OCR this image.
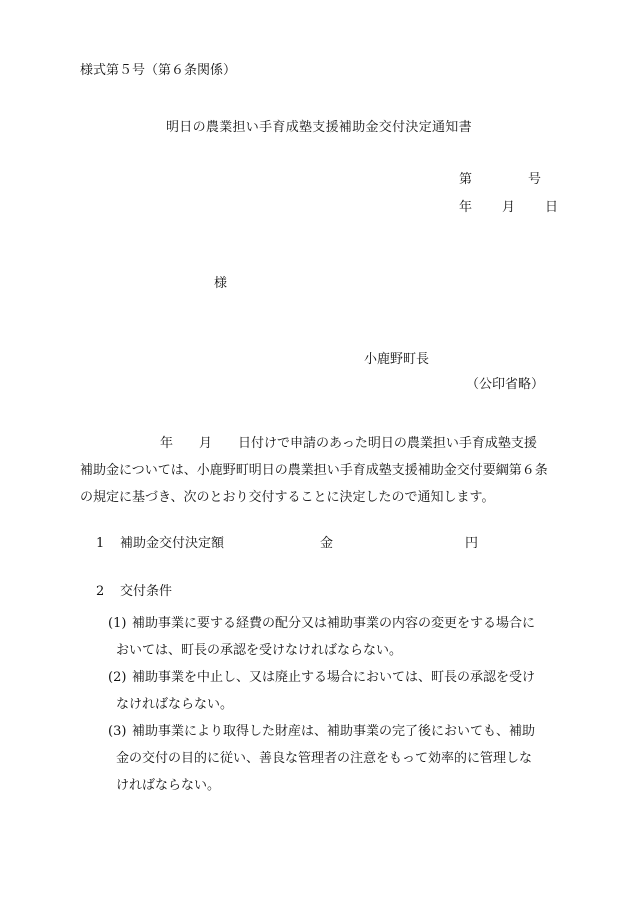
様式第５号（第６条関係）
明日の農業担い手育成塾支援補助金交付決定通知書
第	号
年 月 日
様
小鹿野町長
（公印省略）
年 月 日付けで申請のあった明日の農業担い手育成塾支援
補助金については、小鹿野町明日の農業担い手育成塾支援補助金交付要綱第６条
の規定に基づき、次のとおり交付することに決定したので通知します。
1 補助金交付決定額	金	円
2 交付条件
(1) 補助事業に要する経費の配分又は補助事業の内容の変更をする場合に
おいては、町長の承認を受けなければならない。
(2) 補助事業を中止し、又は廃止する場合においては、町長の承認を受け
なければならない。
(3) 補助事業により取得した財産は、補助事業の完了後においても、補助
金の交付の目的に従い、善良な管理者の注意をもって効率的に管理しな
ければならない。
